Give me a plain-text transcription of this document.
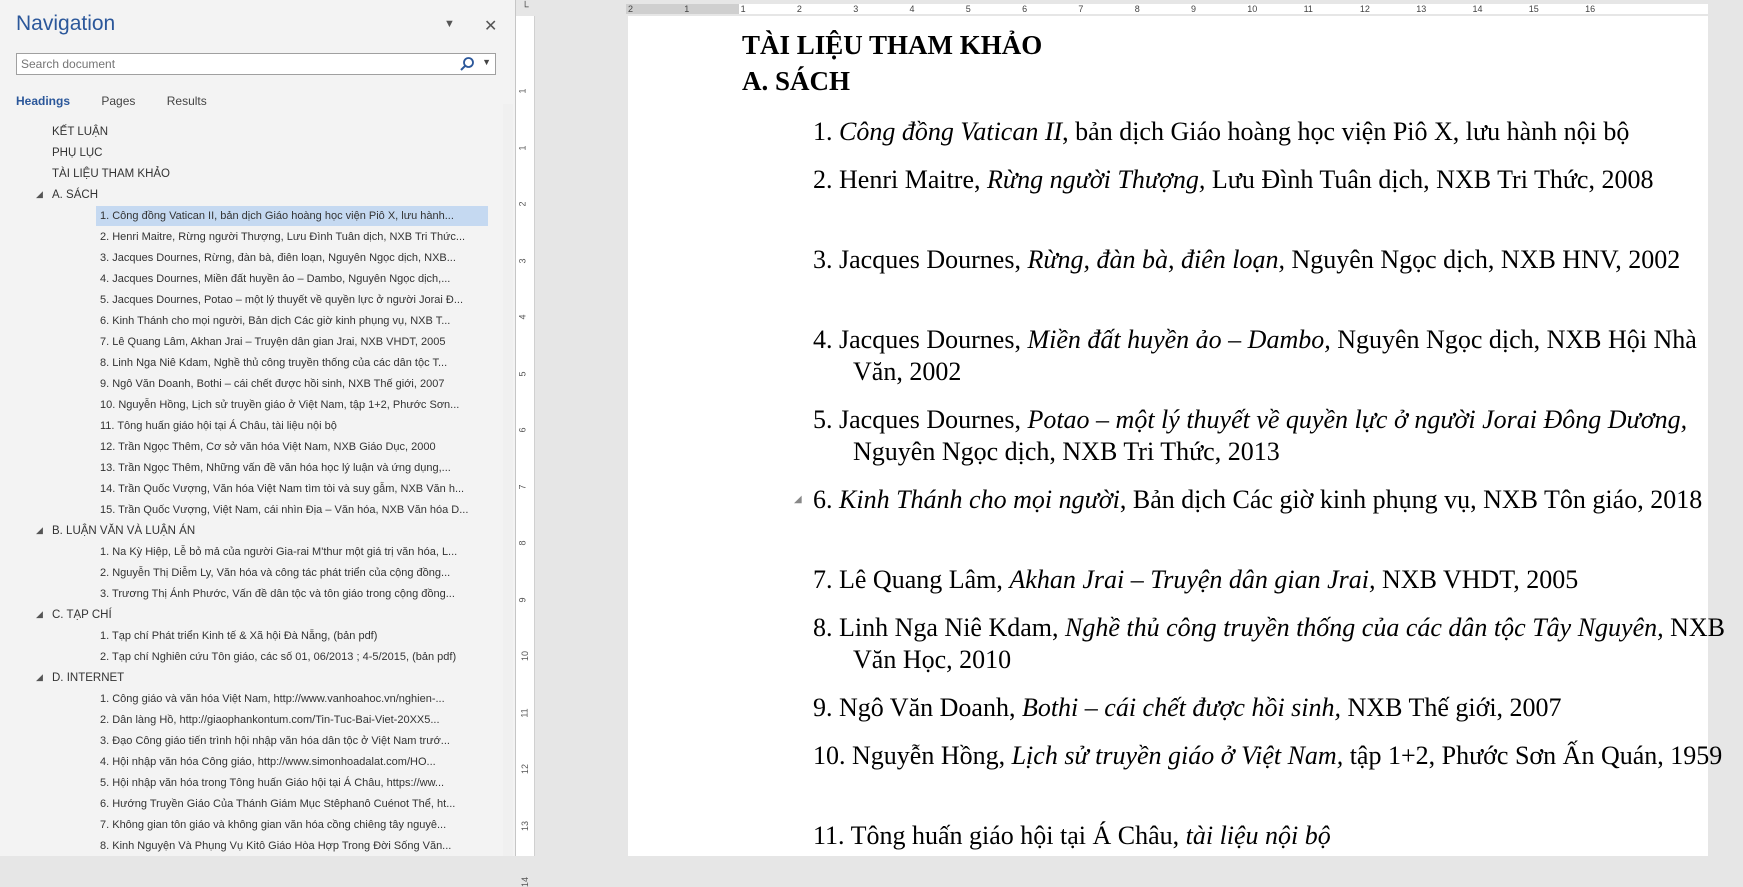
Navigation	▼ ✕
Search document
▼
Headings	Pages	Results
KẾT LUẬN
PHỤ LỤC
TÀI LIỆU THAM KHẢO
◢ A. SÁCH
1. Công đồng Vatican II, bản dịch Giáo hoàng học viện Piô X, lưu hành...
2. Henri Maitre, Rừng người Thượng, Lưu Đình Tuân dịch, NXB Tri Thức...
3. Jacques Dournes, Rừng, đàn bà, điên loạn, Nguyên Ngọc dịch, NXB...
4. Jacques Dournes, Miền đất huyền ảo – Dambo, Nguyên Ngọc dịch,...
5. Jacques Dournes, Potao – một lý thuyết về quyền lực ở người Jorai Đ...
6. Kinh Thánh cho mọi người, Bản dịch Các giờ kinh phụng vụ, NXB T...
7. Lê Quang Lâm, Akhan Jrai – Truyện dân gian Jrai, NXB VHDT, 2005
8. Linh Nga Niê Kdam, Nghề thủ công truyền thống của các dân tộc T...
9. Ngô Văn Doanh, Bothi – cái chết được hồi sinh, NXB Thế giới, 2007
10. Nguyễn Hồng, Lịch sử truyền giáo ở Việt Nam, tập 1+2, Phước Sơn...
11. Tông huấn giáo hội tại Á Châu, tài liệu nội bộ
12. Trần Ngọc Thêm, Cơ sở văn hóa Việt Nam, NXB Giáo Dục, 2000
13. Trần Ngọc Thêm, Những vấn đề văn hóa học lý luận và ứng dụng,...
14. Trần Quốc Vượng, Văn hóa Việt Nam tìm tòi và suy gẫm, NXB Văn h...
15. Trần Quốc Vượng, Việt Nam, cái nhìn Địa – Văn hóa, NXB Văn hóa D...
◢ B. LUẬN VĂN VÀ LUẬN ÁN
1. Na Kỳ Hiệp, Lễ bỏ mả của người Gia-rai M'thur một giá trị văn hóa, L...
2. Nguyễn Thị Diễm Ly, Văn hóa và công tác phát triển của cộng đồng...
3. Trương Thị Ánh Phước, Vấn đề dân tộc và tôn giáo trong cộng đồng...
◢ C. TẠP CHÍ
1. Tạp chí Phát triển Kinh tế & Xã hội Đà Nẵng, (bản pdf)
2. Tạp chí Nghiên cứu Tôn giáo, các số 01, 06/2013 ; 4-5/2015, (bản pdf)
◢ D. INTERNET
1. Công giáo và văn hóa Việt Nam, http://www.vanhoahoc.vn/nghien-...
2. Dân làng Hồ, http://giaophankontum.com/Tin-Tuc-Bai-Viet-20XX5...
3. Đạo Công giáo tiến trình hội nhập văn hóa dân tộc ở Việt Nam trướ...
4. Hội nhập văn hóa Công giáo, http://www.simonhoadalat.com/HO...
5. Hội nhập văn hóa trong Tông huấn Giáo hội tại Á Châu, https://ww...
6. Hướng Truyền Giáo Của Thánh Giám Mục Stêphanô Cuénot Thể, ht...
7. Không gian tôn giáo và không gian văn hóa cồng chiêng tây nguyê...
8. Kinh Nguyện Và Phụng Vụ Kitô Giáo Hòa Hợp Trong Đời Sống Văn...
└	2	1	1	2	3	4	5	6	7	8	9	10	11	12	13	14	15	16
1
1
2
3
4
5
6
7
8
9
10
11
12
13
14
TÀI LIỆU THAM KHẢO
A. SÁCH
1. Công đồng Vatican II, bản dịch Giáo hoàng học viện Piô X, lưu hành nội bộ
2. Henri Maitre, Rừng người Thượng, Lưu Đình Tuân dịch, NXB Tri Thức, 2008
3. Jacques Dournes, Rừng, đàn bà, điên loạn, Nguyên Ngọc dịch, NXB HNV, 2002
4. Jacques Dournes, Miền đất huyền ảo – Dambo, Nguyên Ngọc dịch, NXB Hội Nhà Văn, 2002
5. Jacques Dournes, Potao – một lý thuyết về quyền lực ở người Jorai Đông Dương, Nguyên Ngọc dịch, NXB Tri Thức, 2013
6. Kinh Thánh cho mọi người, Bản dịch Các giờ kinh phụng vụ, NXB Tôn giáo, 2018
7. Lê Quang Lâm, Akhan Jrai – Truyện dân gian Jrai, NXB VHDT, 2005
8. Linh Nga Niê Kdam, Nghề thủ công truyền thống của các dân tộc Tây Nguyên, NXB Văn Học, 2010
9. Ngô Văn Doanh, Bothi – cái chết được hồi sinh, NXB Thế giới, 2007
10. Nguyễn Hồng, Lịch sử truyền giáo ở Việt Nam, tập 1+2, Phước Sơn Ấn Quán, 1959
11. Tông huấn giáo hội tại Á Châu, tài liệu nội bộ
◢
